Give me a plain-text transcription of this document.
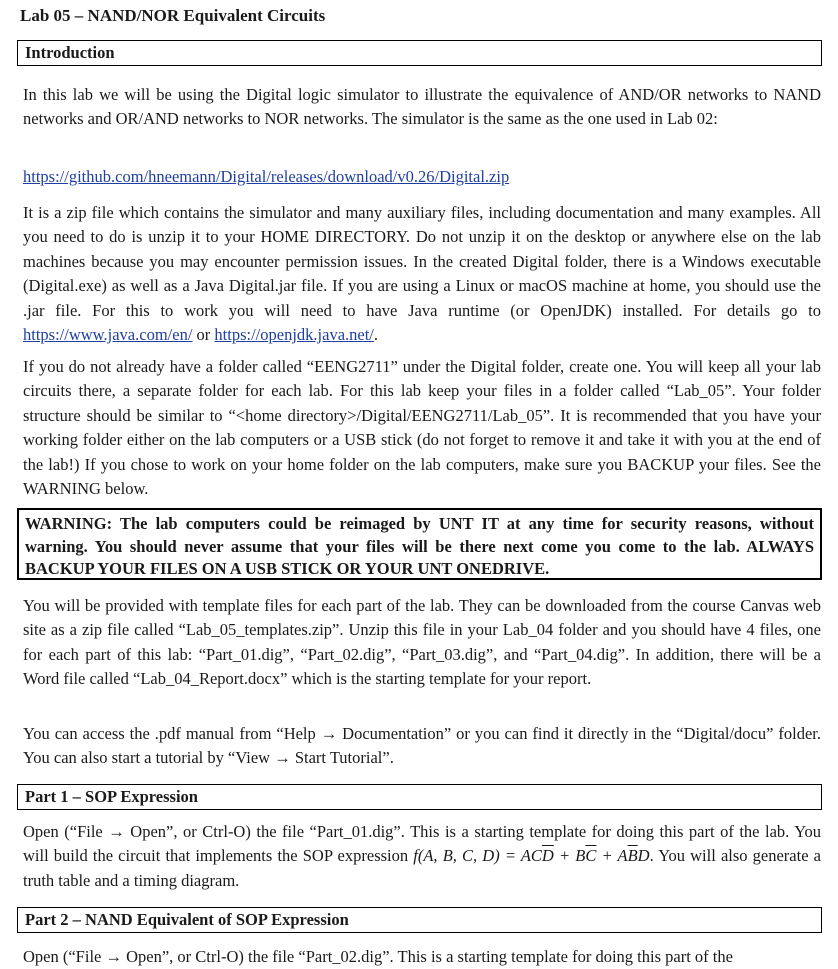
Lab 05 – NAND/NOR Equivalent Circuits
Introduction

In this lab we will be using the Digital logic simulator to illustrate the equivalence of AND/OR networks to NAND networks and OR/AND networks to NOR networks. The simulator is the same as the one used in Lab 02:

https://github.com/hneemann/Digital/releases/download/v0.26/Digital.zip

It is a zip file which contains the simulator and many auxiliary files, including documentation and many examples. All you need to do is unzip it to your HOME DIRECTORY. Do not unzip it on the desktop or anywhere else on the lab machines because you may encounter permission issues. In the created Digital folder, there is a Windows executable (Digital.exe) as well as a Java Digital.jar file. If you are using a Linux or macOS machine at home, you should use the .jar file. For this to work you will need to have Java runtime (or OpenJDK) installed. For details go to https://www.java.com/en/ or https://openjdk.java.net/.

If you do not already have a folder called “EENG2711” under the Digital folder, create one. You will keep all your lab circuits there, a separate folder for each lab. For this lab keep your files in a folder called “Lab_05”. Your folder structure should be similar to “<home directory>/Digital/EENG2711/Lab_05”. It is recommended that you have your working folder either on the lab computers or a USB stick (do not forget to remove it and take it with you at the end of the lab!) If you chose to work on your home folder on the lab computers, make sure you BACKUP your files. See the WARNING below.

WARNING: The lab computers could be reimaged by UNT IT at any time for security reasons, without warning. You should never assume that your files will be there next come you come to the lab. ALWAYS BACKUP YOUR FILES ON A USB STICK OR YOUR UNT ONEDRIVE.

You will be provided with template files for each part of the lab. They can be downloaded from the course Canvas web site as a zip file called “Lab_05_templates.zip”. Unzip this file in your Lab_04 folder and you should have 4 files, one for each part of this lab: “Part_01.dig”, “Part_02.dig”, “Part_03.dig”, and “Part_04.dig”. In addition, there will be a Word file called “Lab_04_Report.docx” which is the starting template for your report.

You can access the .pdf manual from “Help → Documentation” or you can find it directly in the “Digital/docu” folder. You can also start a tutorial by “View → Start Tutorial”.

Part 1 – SOP Expression

Open (“File → Open”, or Ctrl-O) the file “Part_01.dig”. This is a starting template for doing this part of the lab. You will build the circuit that implements the SOP expression f(A, B, C, $D) = AC\overline{D} + B\overline{C} + A\overline{B}D$. You will also generate a truth table and a timing diagram.

Part 2 – NAND Equivalent of SOP Expression

Open (“File → Open”, or Ctrl-O) the file “Part_02.dig”. This is a starting template for doing this part of the
